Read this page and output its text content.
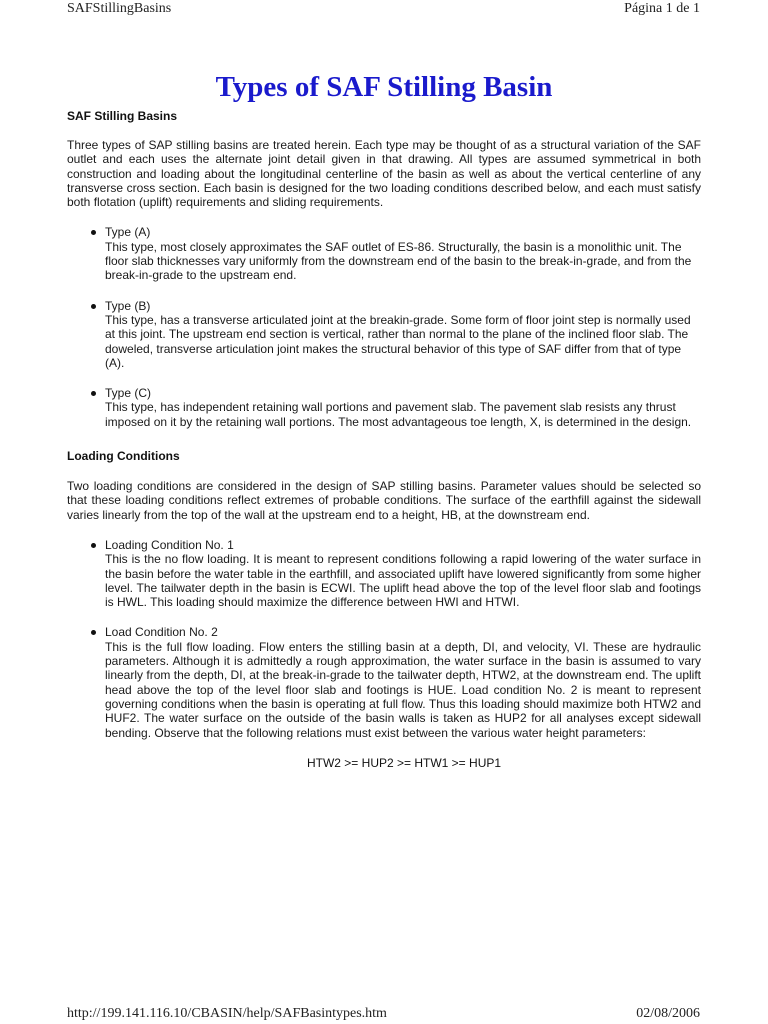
SAFStillingBasins	Página 1 de 1
Types of SAF Stilling Basin
SAF Stilling Basins

Three types of SAP stilling basins are treated herein. Each type may be thought of as a structural variation of the SAF outlet and each uses the alternate joint detail given in that drawing. All types are assumed symmetrical in both construction and loading about the longitudinal centerline of the basin as well as about the vertical centerline of any transverse cross section. Each basin is designed for the two loading conditions described below, and each must satisfy both flotation (uplift) requirements and sliding requirements.

Type (A)
This type, most closely approximates the SAF outlet of ES-86. Structurally, the basin is a monolithic unit. The floor slab thicknesses vary uniformly from the downstream end of the basin to the break-in-grade, and from the break-in-grade to the upstream end.
Type (B)
This type, has a transverse articulated joint at the breakin-grade. Some form of floor joint step is normally used at this joint. The upstream end section is vertical, rather than normal to the plane of the inclined floor slab. The doweled, transverse articulation joint makes the structural behavior of this type of SAF differ from that of type (A).
Type (C)
This type, has independent retaining wall portions and pavement slab. The pavement slab resists any thrust imposed on it by the retaining wall portions. The most advantageous toe length, X, is determined in the design.
Loading Conditions

Two loading conditions are considered in the design of SAP stilling basins. Parameter values should be selected so that these loading conditions reflect extremes of probable conditions. The surface of the earthfill against the sidewall varies linearly from the top of the wall at the upstream end to a height, HB, at the downstream end.

Loading Condition No. 1
This is the no flow loading. It is meant to represent conditions following a rapid lowering of the water surface in the basin before the water table in the earthfill, and associated uplift have lowered significantly from some higher level. The tailwater depth in the basin is ECWI. The uplift head above the top of the level floor slab and footings is HWL. This loading should maximize the difference between HWI and HTWI.
Load Condition No. 2
This is the full flow loading. Flow enters the stilling basin at a depth, DI, and velocity, VI. These are hydraulic parameters. Although it is admittedly a rough approximation, the water surface in the basin is assumed to vary linearly from the depth, DI, at the break-in-grade to the tailwater depth, HTW2, at the downstream end. The uplift head above the top of the level floor slab and footings is HUE. Load condition No. 2 is meant to represent governing conditions when the basin is operating at full flow. Thus this loading should maximize both HTW2 and HUF2. The water surface on the outside of the basin walls is taken as HUP2 for all analyses except sidewall bending. Observe that the following relations must exist between the various water height parameters:
HTW2 >= HUP2 >= HTW1 >= HUP1
http://199.141.116.10/CBASIN/help/SAFBasintypes.htm	02/08/2006
